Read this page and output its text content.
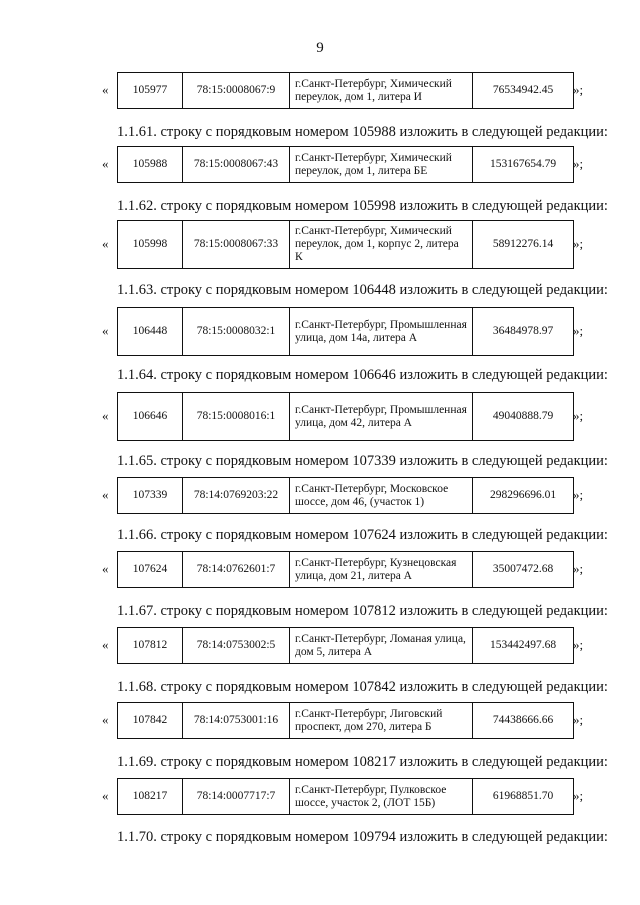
9
« 105977	78:15:0008067:9	г.Санкт-Петербург, Химический переулок, дом 1, литера И	76534942.45 »;
« 105988	78:15:0008067:43	г.Санкт-Петербург, Химический переулок, дом 1, литера БЕ	153167654.79 »;
« 105998	78:15:0008067:33	г.Санкт-Петербург, Химический переулок, дом 1, корпус 2, литера К	58912276.14 »;
« 106448	78:15:0008032:1	г.Санкт-Петербург, Промышленная улица, дом 14а, литера А	36484978.97 »;
« 106646	78:15:0008016:1	г.Санкт-Петербург, Промышленная улица, дом 42, литера А	49040888.79 »;
« 107339	78:14:0769203:22	г.Санкт-Петербург, Московское шоссе, дом 46, (участок 1)	298296696.01 »;
« 107624	78:14:0762601:7	г.Санкт-Петербург, Кузнецовская улица, дом 21, литера А	35007472.68 »;
« 107812	78:14:0753002:5	г.Санкт-Петербург, Ломаная улица, дом 5, литера А	153442497.68 »;
« 107842	78:14:0753001:16	г.Санкт-Петербург, Лиговский проспект, дом 270, литера Б	74438666.66 »;
« 108217	78:14:0007717:7	г.Санкт-Петербург, Пулковское шоссе, участок 2, (ЛОТ 15Б)	61968851.70 »;
1.1.61. строку с порядковым номером 105988 изложить в следующей редакции:
1.1.62. строку с порядковым номером 105998 изложить в следующей редакции:
1.1.63. строку с порядковым номером 106448 изложить в следующей редакции:
1.1.64. строку с порядковым номером 106646 изложить в следующей редакции:
1.1.65. строку с порядковым номером 107339 изложить в следующей редакции:
1.1.66. строку с порядковым номером 107624 изложить в следующей редакции:
1.1.67. строку с порядковым номером 107812 изложить в следующей редакции:
1.1.68. строку с порядковым номером 107842 изложить в следующей редакции:
1.1.69. строку с порядковым номером 108217 изложить в следующей редакции:
1.1.70. строку с порядковым номером 109794 изложить в следующей редакции:
